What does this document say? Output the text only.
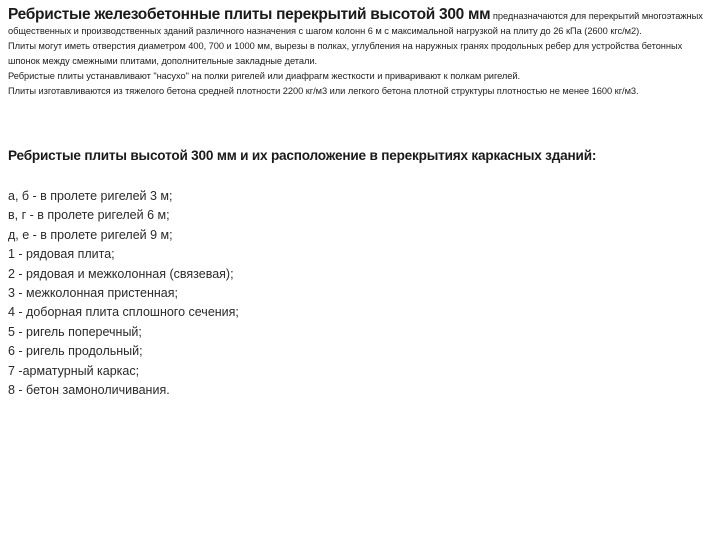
Ребристые железобетонные плиты перекрытий высотой 300 мм предназначаются для перекрытий многоэтажных общественных и производственных зданий различного назначения с шагом колонн 6 м с максимальной нагрузкой на плиту до 26 кПа (2600 кгс/м2).

Плиты могут иметь отверстия диаметром 400, 700 и 1000 мм, вырезы в полках, углубления на наружных гранях продольных ребер для устройства бетонных шпонок между смежными плитами, дополнительные закладные детали.

Ребристые плиты устанавливают "насухо" на полки ригелей или диафрагм жесткости и приваривают к полкам ригелей.

Плиты изготавливаются из тяжелого бетона средней плотности 2200 кг/м3 или легкого бетона плотной структуры плотностью не менее 1600 кг/м3.

Ребристые плиты высотой 300 мм и их расположение в перекрытиях каркасных зданий:
а, б - в пролете ригелей 3 м;
в, г - в пролете ригелей 6 м;
д, е - в пролете ригелей 9 м;
1 - рядовая плита;
2 - рядовая и межколонная (связевая);
3 - межколонная пристенная;
4 - доборная плита сплошного сечения;
5 - ригель поперечный;
6 - ригель продольный;
7 -арматурный каркас;
8 - бетон замоноличивания.
